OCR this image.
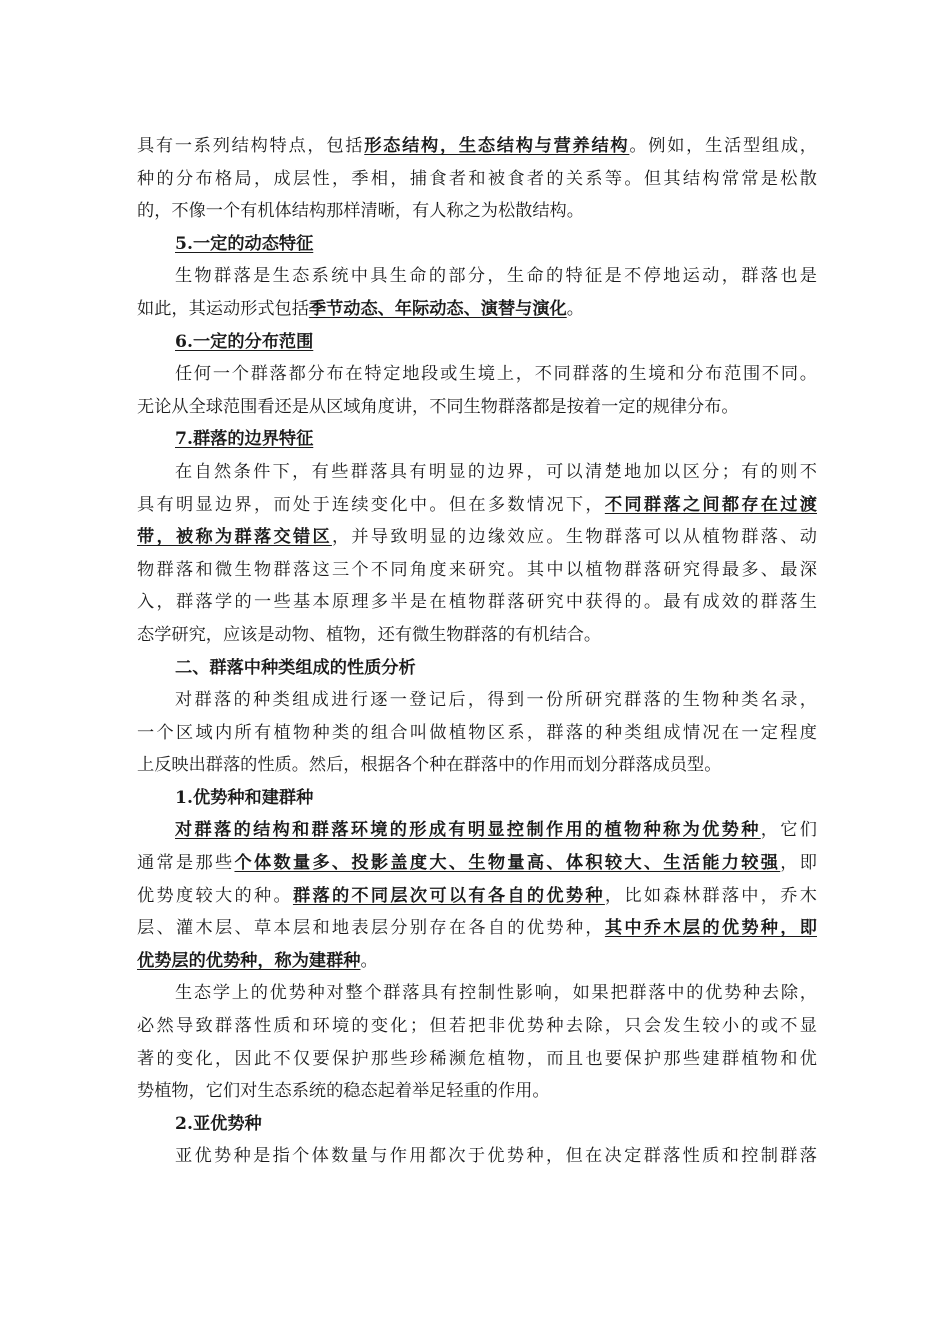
具有一系列结构特点，包括形态结构，生态结构与营养结构。例如，生活型组成，
种的分布格局，成层性，季相，捕食者和被食者的关系等。但其结构常常是松散
的，不像一个有机体结构那样清晰，有人称之为松散结构。
5.一定的动态特征
生物群落是生态系统中具生命的部分，生命的特征是不停地运动，群落也是
如此，其运动形式包括季节动态、年际动态、演替与演化。
6.一定的分布范围
任何一个群落都分布在特定地段或生境上，不同群落的生境和分布范围不同。
无论从全球范围看还是从区域角度讲，不同生物群落都是按着一定的规律分布。
7.群落的边界特征
在自然条件下，有些群落具有明显的边界，可以清楚地加以区分；有的则不
具有明显边界，而处于连续变化中。但在多数情况下，不同群落之间都存在过渡
带，被称为群落交错区，并导致明显的边缘效应。生物群落可以从植物群落、动
物群落和微生物群落这三个不同角度来研究。其中以植物群落研究得最多、最深
入，群落学的一些基本原理多半是在植物群落研究中获得的。最有成效的群落生
态学研究，应该是动物、植物，还有微生物群落的有机结合。
二、群落中种类组成的性质分析
对群落的种类组成进行逐一登记后，得到一份所研究群落的生物种类名录，
一个区域内所有植物种类的组合叫做植物区系，群落的种类组成情况在一定程度
上反映出群落的性质。然后，根据各个种在群落中的作用而划分群落成员型。
1.优势种和建群种
对群落的结构和群落环境的形成有明显控制作用的植物种称为优势种，它们
通常是那些个体数量多、投影盖度大、生物量高、体积较大、生活能力较强，即
优势度较大的种。群落的不同层次可以有各自的优势种，比如森林群落中，乔木
层、灌木层、草本层和地表层分别存在各自的优势种，其中乔木层的优势种，即
优势层的优势种，称为建群种。
生态学上的优势种对整个群落具有控制性影响，如果把群落中的优势种去除，
必然导致群落性质和环境的变化；但若把非优势种去除，只会发生较小的或不显
著的变化，因此不仅要保护那些珍稀濒危植物，而且也要保护那些建群植物和优
势植物，它们对生态系统的稳态起着举足轻重的作用。
2.亚优势种
亚优势种是指个体数量与作用都次于优势种，但在决定群落性质和控制群落
